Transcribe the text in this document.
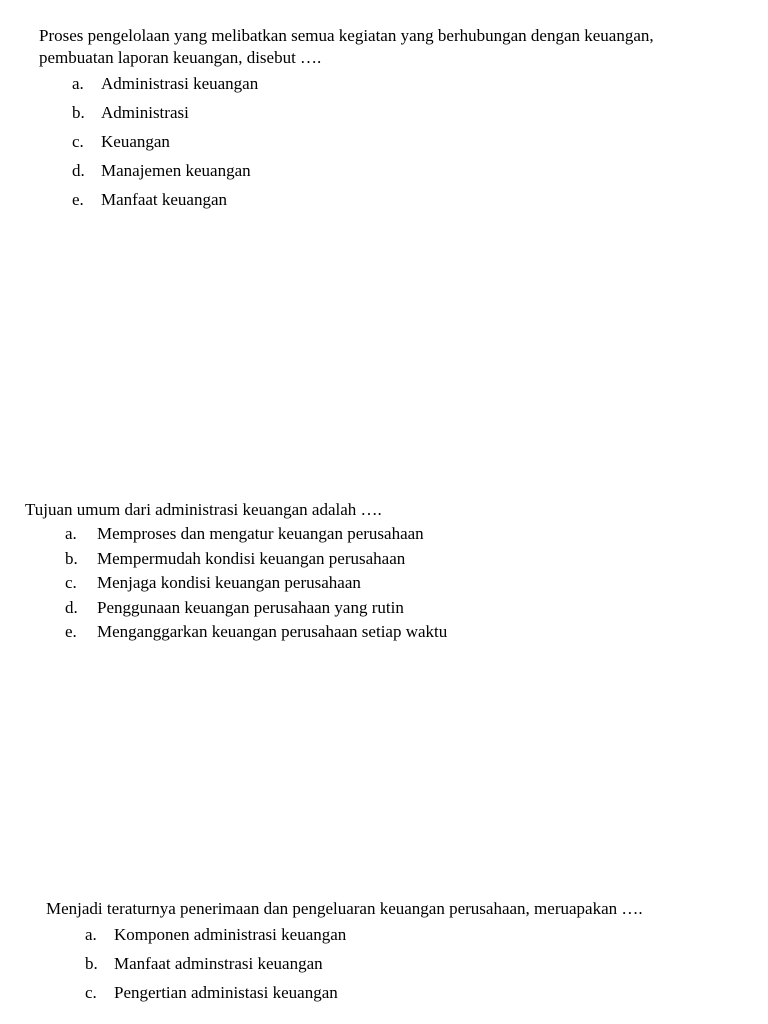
Proses pengelolaan yang melibatkan semua kegiatan yang berhubungan dengan keuangan, pembuatan laporan keuangan, disebut ….

a. Administrasi keuangan
b. Administrasi
c. Keuangan
d. Manajemen keuangan
e. Manfaat keuangan

Tujuan umum dari administrasi keuangan adalah ….

a. Memproses dan mengatur keuangan perusahaan
b. Mempermudah kondisi keuangan perusahaan
c. Menjaga kondisi keuangan perusahaan
d. Penggunaan keuangan perusahaan yang rutin
e. Menganggarkan keuangan perusahaan setiap waktu

Menjadi teraturnya penerimaan dan pengeluaran keuangan perusahaan, meruapakan ….

a. Komponen administrasi keuangan
b. Manfaat adminstrasi keuangan
c. Pengertian administasi keuangan
